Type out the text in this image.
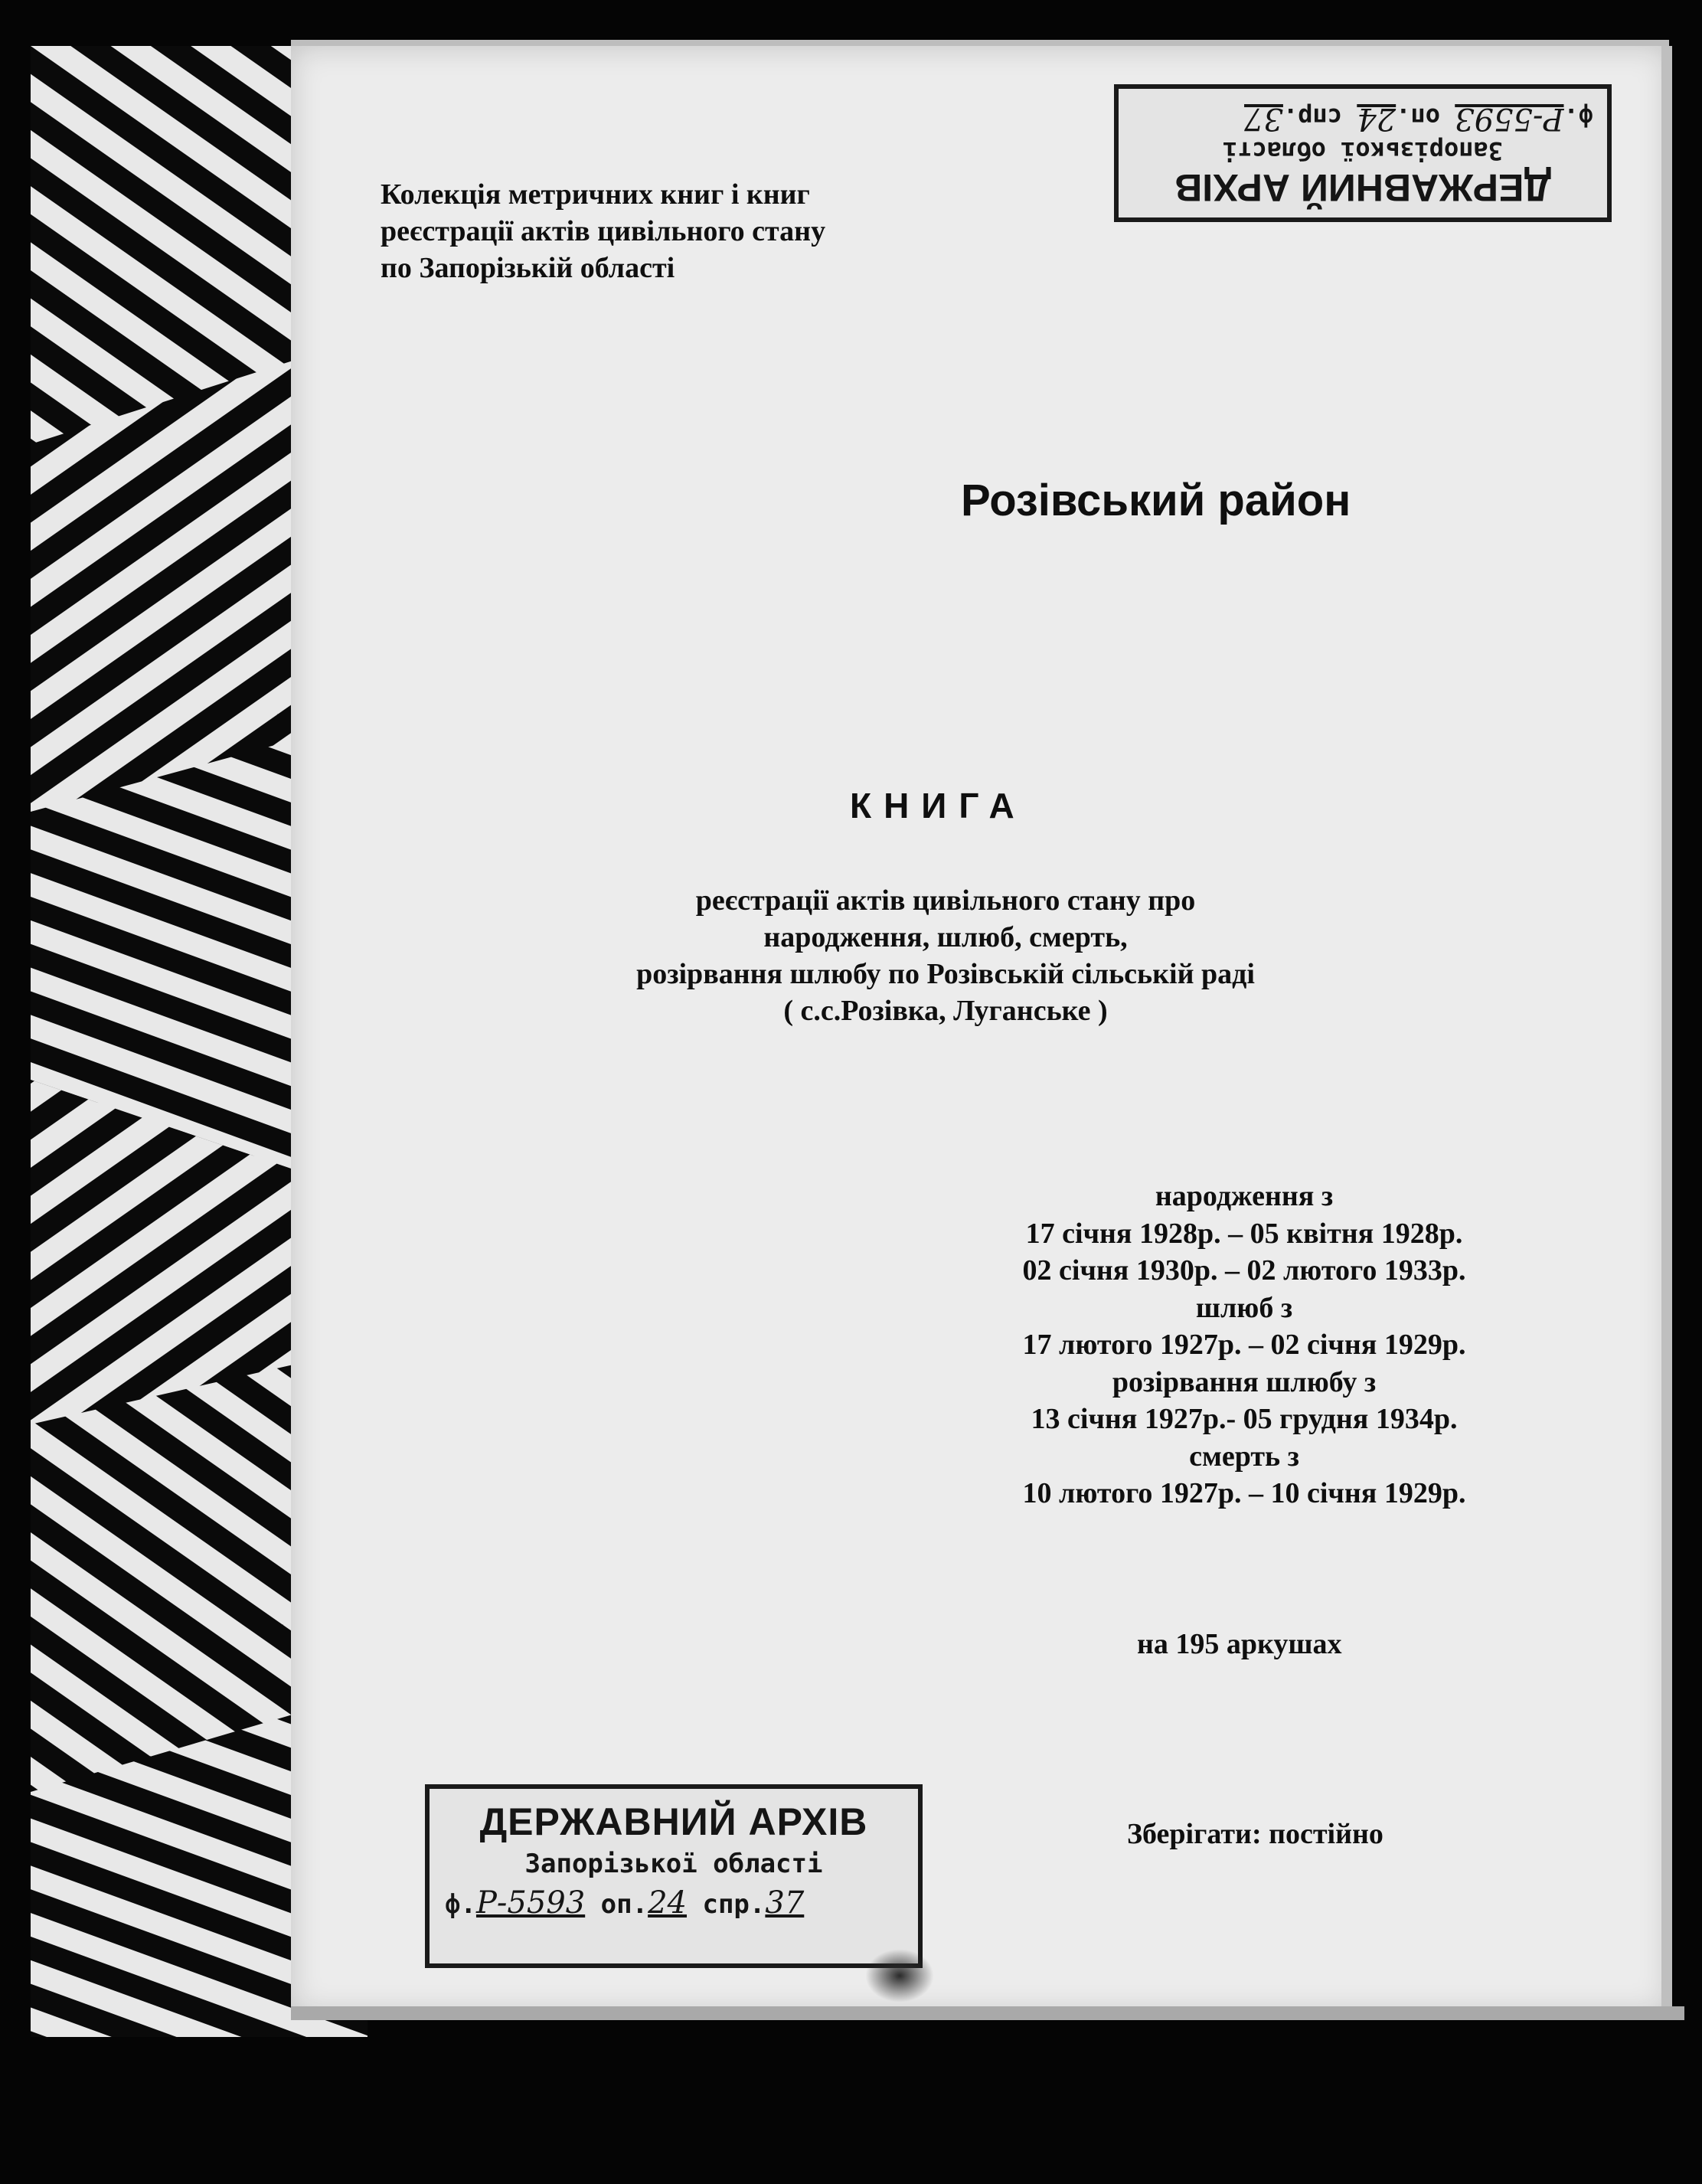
ДЕРЖАВНИЙ АРХІВ
Запорізької області
ф.Р-5593 оп.24 спр.37
Колекція метричних книг і книг
реєстрації актів цивільного стану
по Запорізькій області
Розівський район
КНИГА
реєстрації актів цивільного стану про
народження, шлюб, смерть,
розірвання шлюбу по Розівській сільській раді
( с.с.Розівка, Луганське )
народження з
17 січня 1928р. – 05 квітня 1928р.
02 січня 1930р. – 02 лютого 1933р.
шлюб з
17 лютого 1927р. – 02 січня 1929р.
розірвання шлюбу з
13 січня 1927р.- 05 грудня 1934р.
смерть з
10 лютого 1927р. – 10 січня 1929р.
на 195 аркушах
ДЕРЖАВНИЙ АРХІВ
Запорізької області
ф.Р-5593 оп.24 спр.37
Зберігати: постійно
